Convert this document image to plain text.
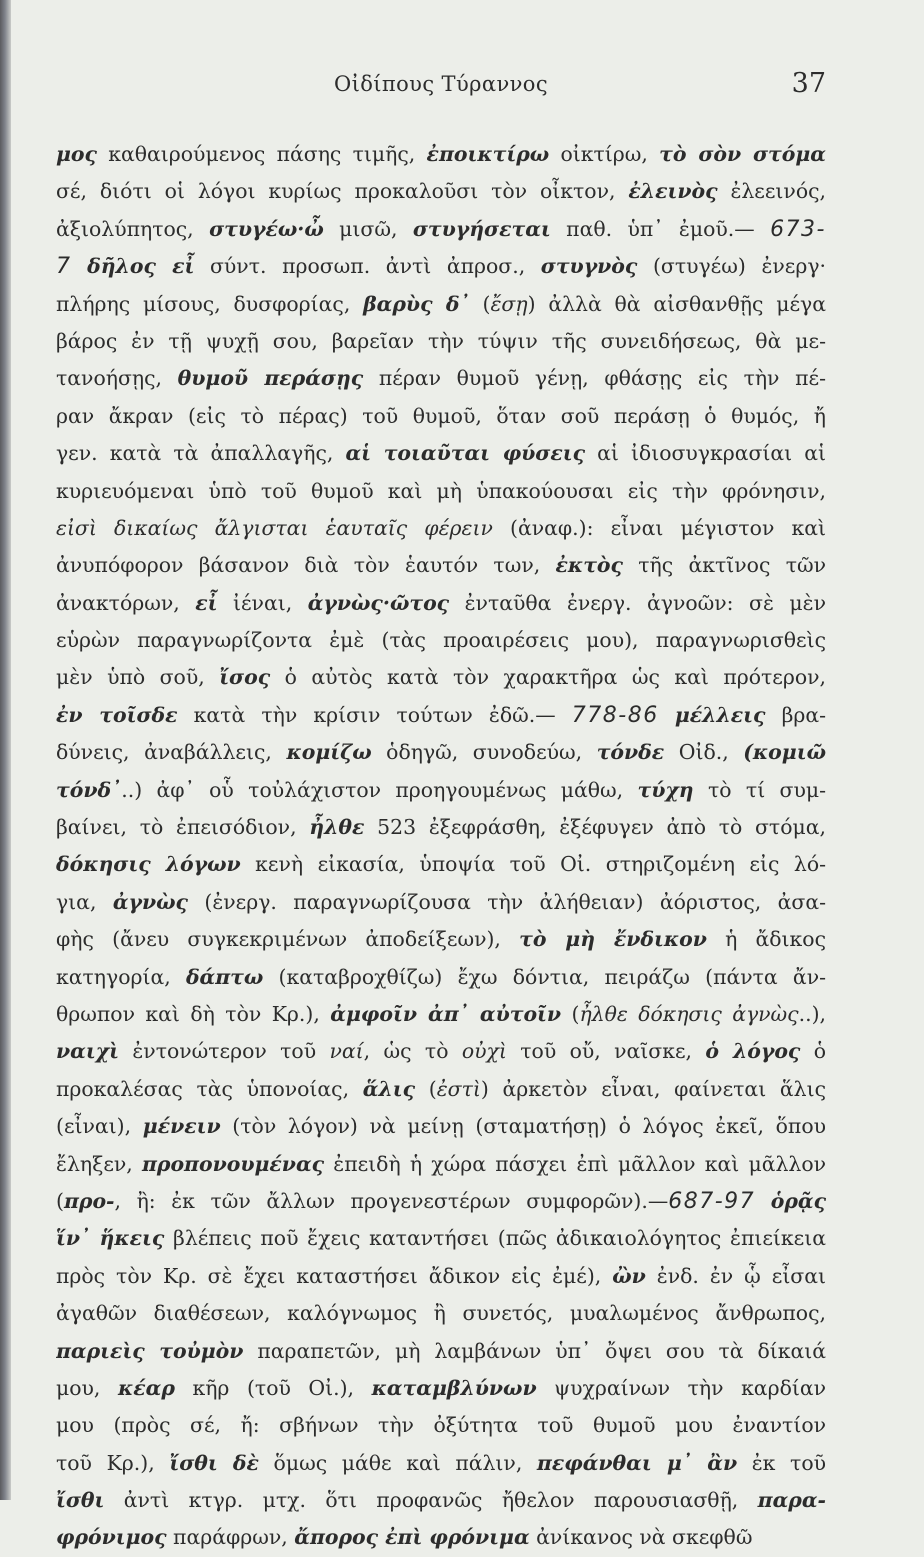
Οἰδίπους Τύραννος	37
μος καθαιρούμενος πάσης τιμῆς, ἐποικτίρω οἰκτίρω, τὸ σὸν στόμα
σέ, διότι οἱ λόγοι κυρίως προκαλοῦσι τὸν οἶκτον, ἐλεινὸς ἐλεεινός,
ἀξιολύπητος, στυγέω·ὦ μισῶ, στυγήσεται παθ. ὑπ᾿ ἐμοῦ.— 673-
7 δῆλος εἶ σύντ. προσωπ. ἀντὶ ἀπροσ., στυγνὸς (στυγέω) ἐνεργ·
πλήρης μίσους, δυσφορίας, βαρὺς δ᾿ (ἔσῃ) ἀλλὰ θὰ αἰσθανθῇς μέγα
βάρος ἐν τῇ ψυχῇ σου, βαρεῖαν τὴν τύψιν τῆς συνειδήσεως, θὰ με-
τανοήσῃς, θυμοῦ περάσῃς πέραν θυμοῦ γένῃ, φθάσῃς εἰς τὴν πέ-
ραν ἄκραν (εἰς τὸ πέρας) τοῦ θυμοῦ, ὅταν σοῦ περάσῃ ὁ θυμός, ἤ
γεν. κατὰ τὰ ἀπαλλαγῆς, αἱ τοιαῦται φύσεις αἱ ἰδιοσυγκρασίαι αἱ
κυριευόμεναι ὑπὸ τοῦ θυμοῦ καὶ μὴ ὑπακούουσαι εἰς τὴν φρόνησιν,
εἰσὶ δικαίως ἄλγισται ἑαυταῖς φέρειν (ἀναφ.): εἶναι μέγιστον καὶ
ἀνυπόφορον βάσανον διὰ τὸν ἑαυτόν των, ἐκτὸς τῆς ἀκτῖνος τῶν
ἀνακτόρων, εἶ ἰέναι, ἀγνὼς·ῶτος ἐνταῦθα ἐνεργ. ἀγνοῶν: σὲ μὲν
εὑρὼν παραγνωρίζοντα ἐμὲ (τὰς προαιρέσεις μου), παραγνωρισθεὶς
μὲν ὑπὸ σοῦ, ἴσος ὁ αὐτὸς κατὰ τὸν χαρακτῆρα ὡς καὶ πρότερον,
ἐν τοῖσδε κατὰ τὴν κρίσιν τούτων ἐδῶ.— 778-86 μέλλεις βρα-
δύνεις, ἀναβάλλεις, κομίζω ὁδηγῶ, συνοδεύω, τόνδε Οἰδ., (κομιῶ
τόνδ᾿..) ἀφ᾿ οὗ τοὐλάχιστον προηγουμένως μάθω, τύχη τὸ τί συμ-
βαίνει, τὸ ἐπεισόδιον, ἦλθε 523 ἐξεφράσθη, ἐξέφυγεν ἀπὸ τὸ στόμα,
δόκησις λόγων κενὴ εἰκασία, ὑποψία τοῦ Οἰ. στηριζομένη εἰς λό-
για, ἀγνὼς (ἐνεργ. παραγνωρίζουσα τὴν ἀλήθειαν) ἀόριστος, ἀσα-
φὴς (ἄνευ συγκεκριμένων ἀποδείξεων), τὸ μὴ ἔνδικον ἡ ἄδικος
κατηγορία, δάπτω (καταβροχθίζω) ἔχω δόντια, πειράζω (πάντα ἄν-
θρωπον καὶ δὴ τὸν Κρ.), ἀμφοῖν ἀπ᾿ αὐτοῖν (ἦλθε δόκησις ἀγνὼς..),
ναιχὶ ἐντονώτερον τοῦ ναί, ὡς τὸ οὐχὶ τοῦ οὔ, ναῖσκε, ὁ λόγος ὁ
προκαλέσας τὰς ὑπονοίας, ἅλις (ἐστὶ) ἀρκετὸν εἶναι, φαίνεται ἅλις
(εἶναι), μένειν (τὸν λόγον) νὰ μείνῃ (σταματήσῃ) ὁ λόγος ἐκεῖ, ὅπου
ἔληξεν, προπονουμένας ἐπειδὴ ἡ χώρα πάσχει ἐπὶ μᾶλλον καὶ μᾶλλον
(προ-, ἢ: ἐκ τῶν ἄλλων προγενεστέρων συμφορῶν).—687-97 ὁρᾷς
ἵν᾿ ἥκεις βλέπεις ποῦ ἔχεις καταντήσει (πῶς ἀδικαιολόγητος ἐπιείκεια
πρὸς τὸν Κρ. σὲ ἔχει καταστήσει ἄδικον εἰς ἐμέ), ὢν ἐνδ. ἐν ᾧ εἶσαι
ἀγαθῶν διαθέσεων, καλόγνωμος ἢ συνετός, μυαλωμένος ἄνθρωπος,
παριεὶς τοὐμὸν παραπετῶν, μὴ λαμβάνων ὑπ᾿ ὄψει σου τὰ δίκαιά
μου, κέαρ κῆρ (τοῦ Οἰ.), καταμβλύνων ψυχραίνων τὴν καρδίαν
μου (πρὸς σέ, ἤ: σβήνων τὴν ὀξύτητα τοῦ θυμοῦ μου ἐναντίον
τοῦ Κρ.), ἴσθι δὲ ὅμως μάθε καὶ πάλιν, πεφάνθαι μ᾿ ἂν ἐκ τοῦ
ἴσθι ἀντὶ κτγρ. μτχ. ὅτι προφανῶς ἤθελον παρουσιασθῇ, παρα-
φρόνιμος παράφρων, ἄπορος ἐπὶ φρόνιμα ἀνίκανος νὰ σκεφθῶ
